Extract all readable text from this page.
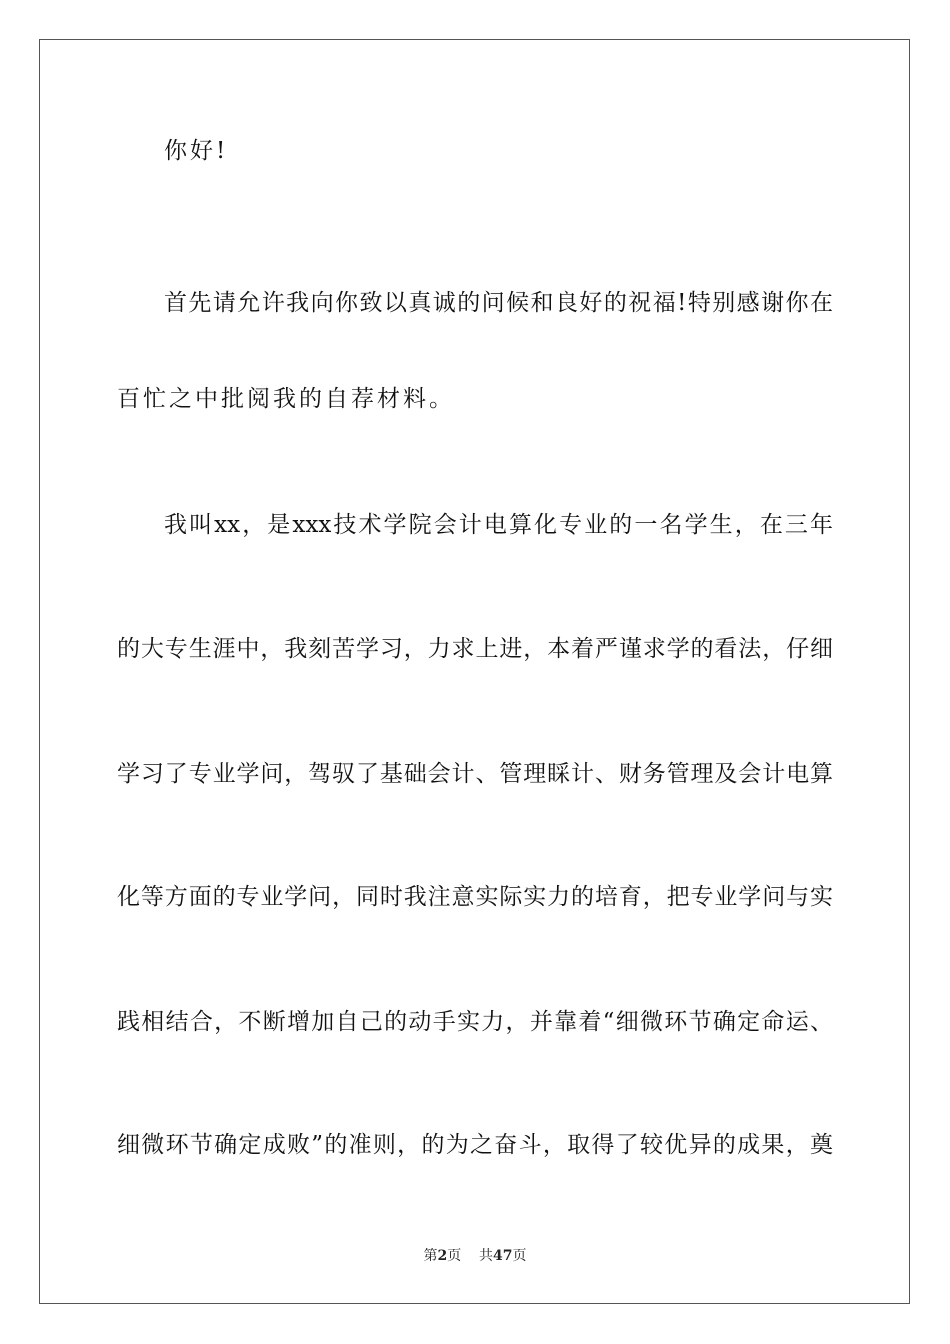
你好!
首先请允许我向你致以真诚的问候和良好的祝福!特别感谢你在
百忙之中批阅我的自荐材料。
我叫xx，是xxx技术学院会计电算化专业的一名学生，在三年
的大专生涯中，我刻苦学习，力求上进，本着严谨求学的看法，仔细
学习了专业学问，驾驭了基础会计、管理睬计、财务管理及会计电算
化等方面的专业学问，同时我注意实际实力的培育，把专业学问与实
践相结合，不断增加自己的动手实力，并靠着“细微环节确定命运、
细微环节确定成败”的准则，的为之奋斗，取得了较优异的成果，奠
第2页 共47页
